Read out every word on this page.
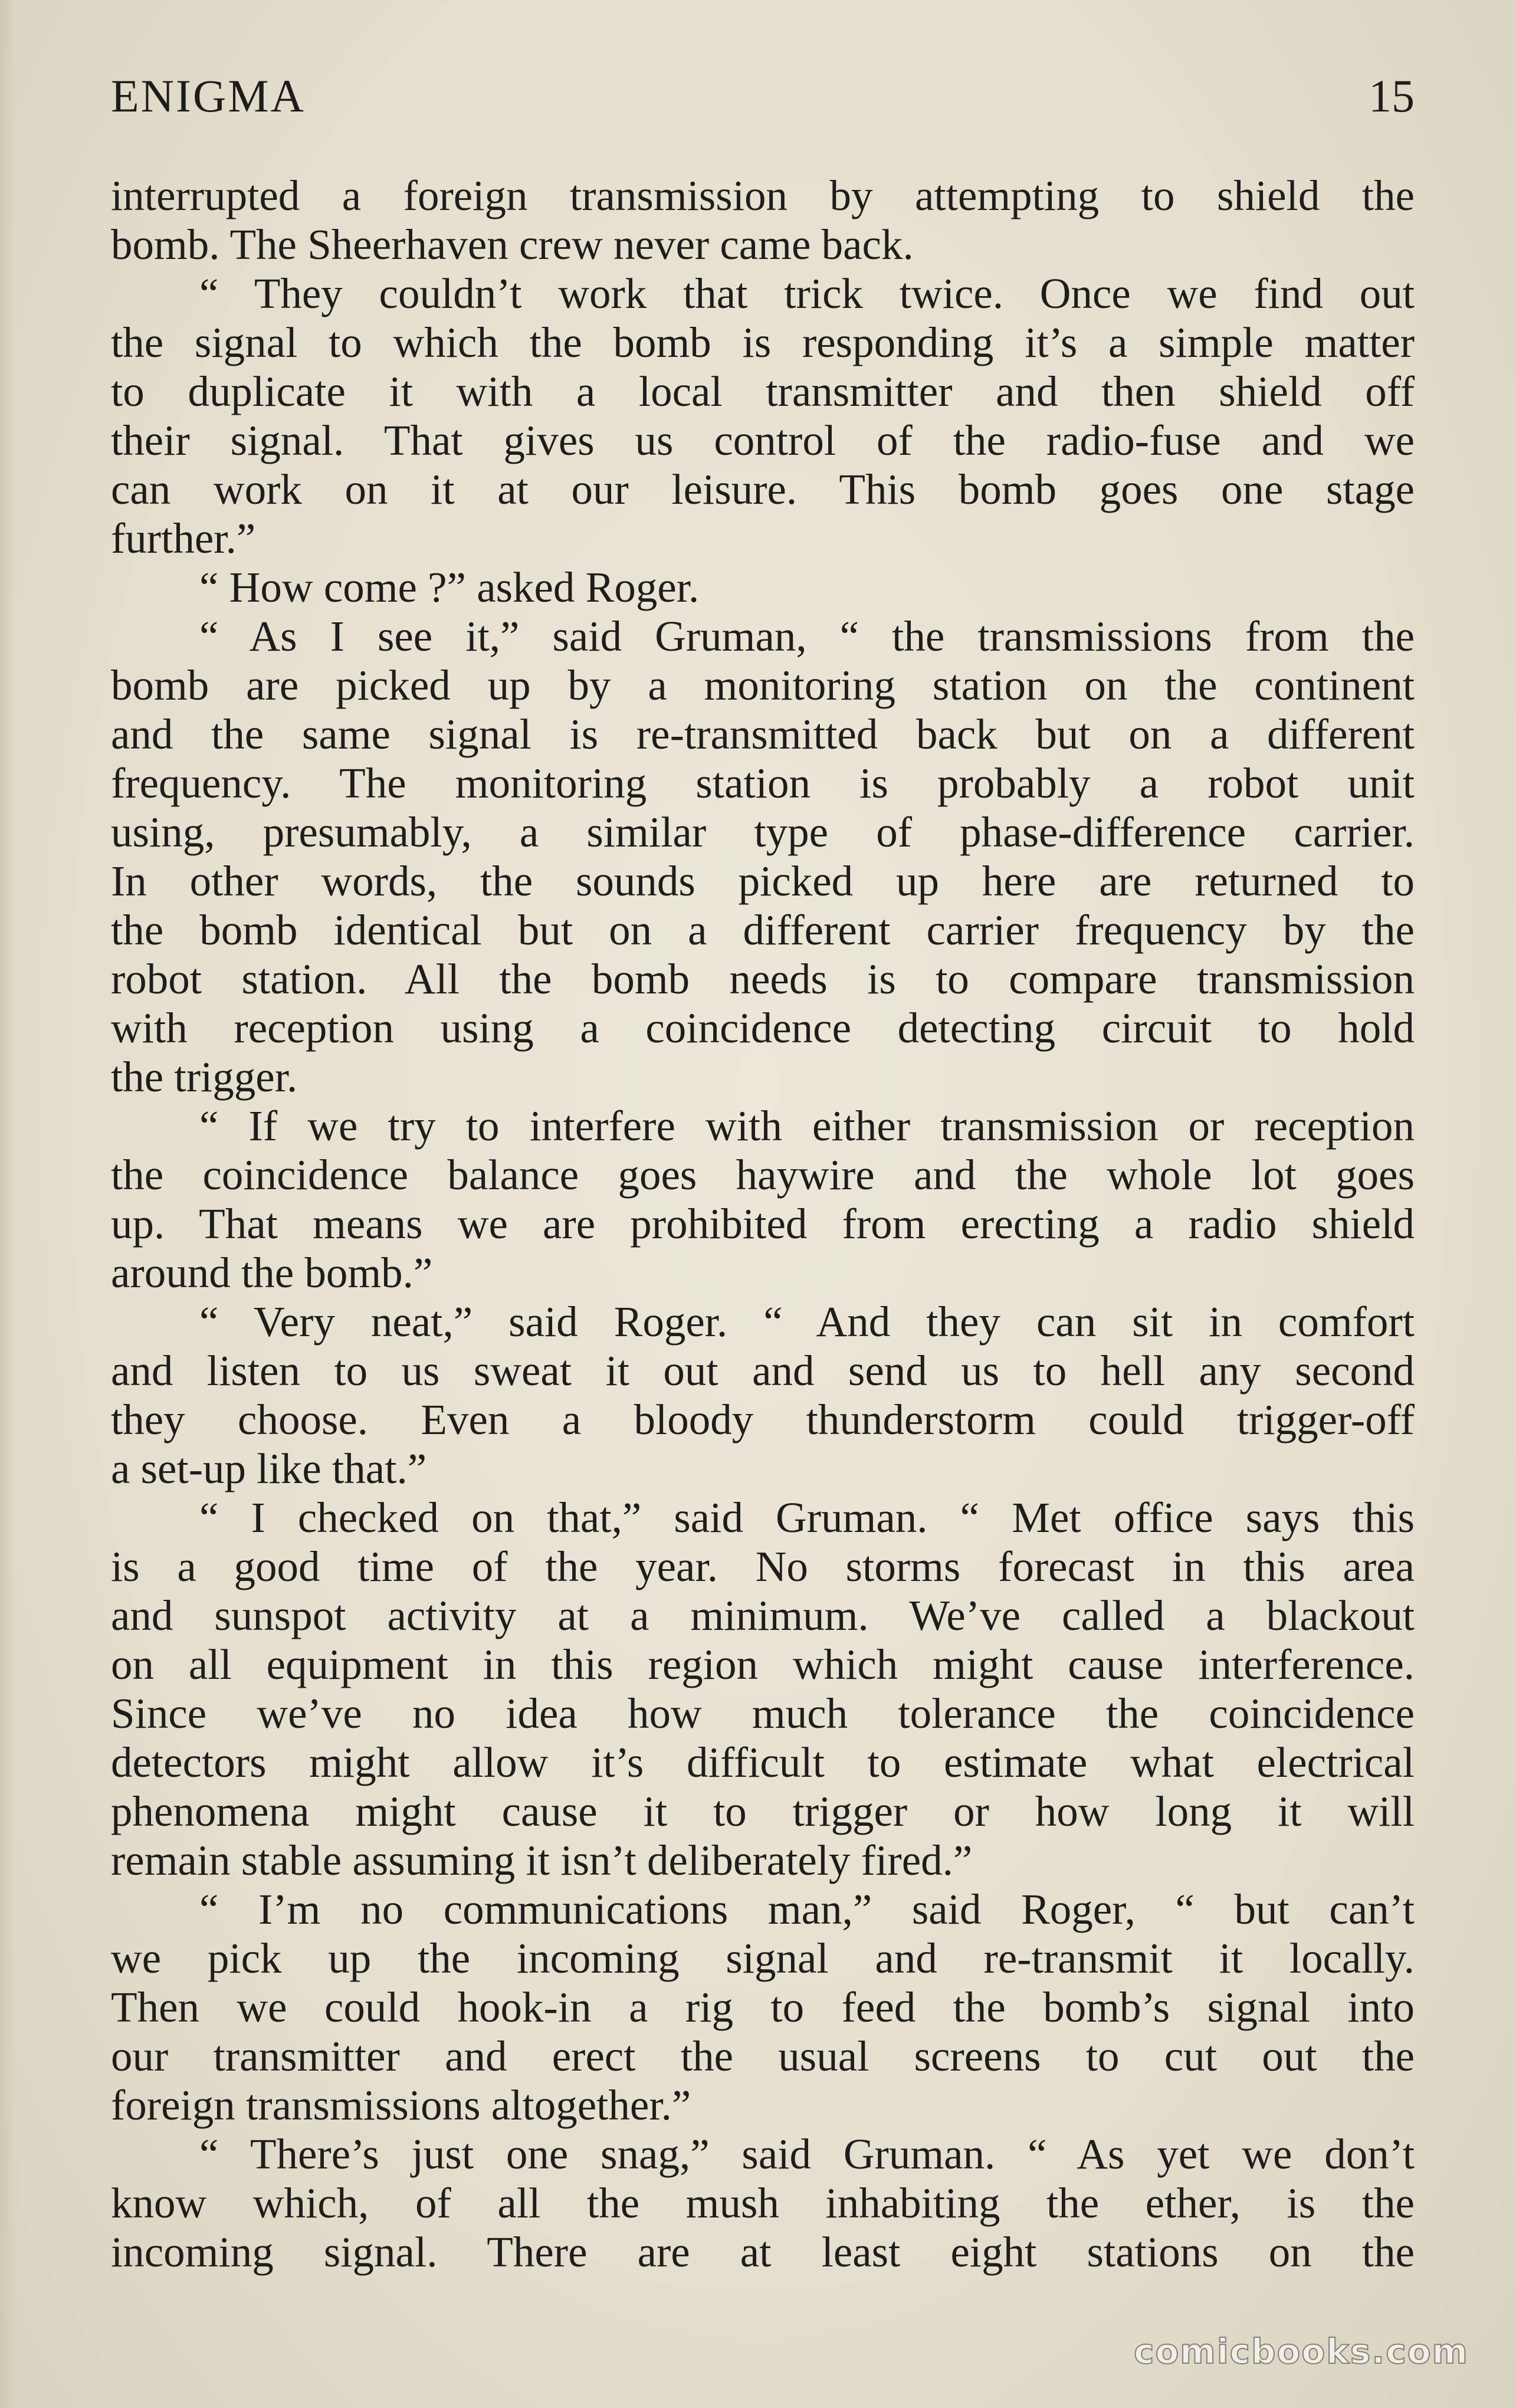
ENIGMA	15
interrupted a foreign transmission by attempting to shield the
bomb. The Sheerhaven crew never came back.
“ They couldn’t work that trick twice. Once we find out
the signal to which the bomb is responding it’s a simple matter
to duplicate it with a local transmitter and then shield off
their signal. That gives us control of the radio-fuse and we
can work on it at our leisure. This bomb goes one stage
further.”
“ How come ?” asked Roger.
“ As I see it,” said Gruman, “ the transmissions from the
bomb are picked up by a monitoring station on the continent
and the same signal is re-transmitted back but on a different
frequency. The monitoring station is probably a robot unit
using, presumably, a similar type of phase-difference carrier.
In other words, the sounds picked up here are returned to
the bomb identical but on a different carrier frequency by the
robot station. All the bomb needs is to compare transmission
with reception using a coincidence detecting circuit to hold
the trigger.
“ If we try to interfere with either transmission or reception
the coincidence balance goes haywire and the whole lot goes
up. That means we are prohibited from erecting a radio shield
around the bomb.”
“ Very neat,” said Roger. “ And they can sit in comfort
and listen to us sweat it out and send us to hell any second
they choose. Even a bloody thunderstorm could trigger-off
a set-up like that.”
“ I checked on that,” said Gruman. “ Met office says this
is a good time of the year. No storms forecast in this area
and sunspot activity at a minimum. We’ve called a blackout
on all equipment in this region which might cause interference.
Since we’ve no idea how much tolerance the coincidence
detectors might allow it’s difficult to estimate what electrical
phenomena might cause it to trigger or how long it will
remain stable assuming it isn’t deliberately fired.”
“ I’m no communications man,” said Roger, “ but can’t
we pick up the incoming signal and re-transmit it locally.
Then we could hook-in a rig to feed the bomb’s signal into
our transmitter and erect the usual screens to cut out the
foreign transmissions altogether.”
“ There’s just one snag,” said Gruman. “ As yet we don’t
know which, of all the mush inhabiting the ether, is the
incoming signal. There are at least eight stations on the
comicbooks.com
